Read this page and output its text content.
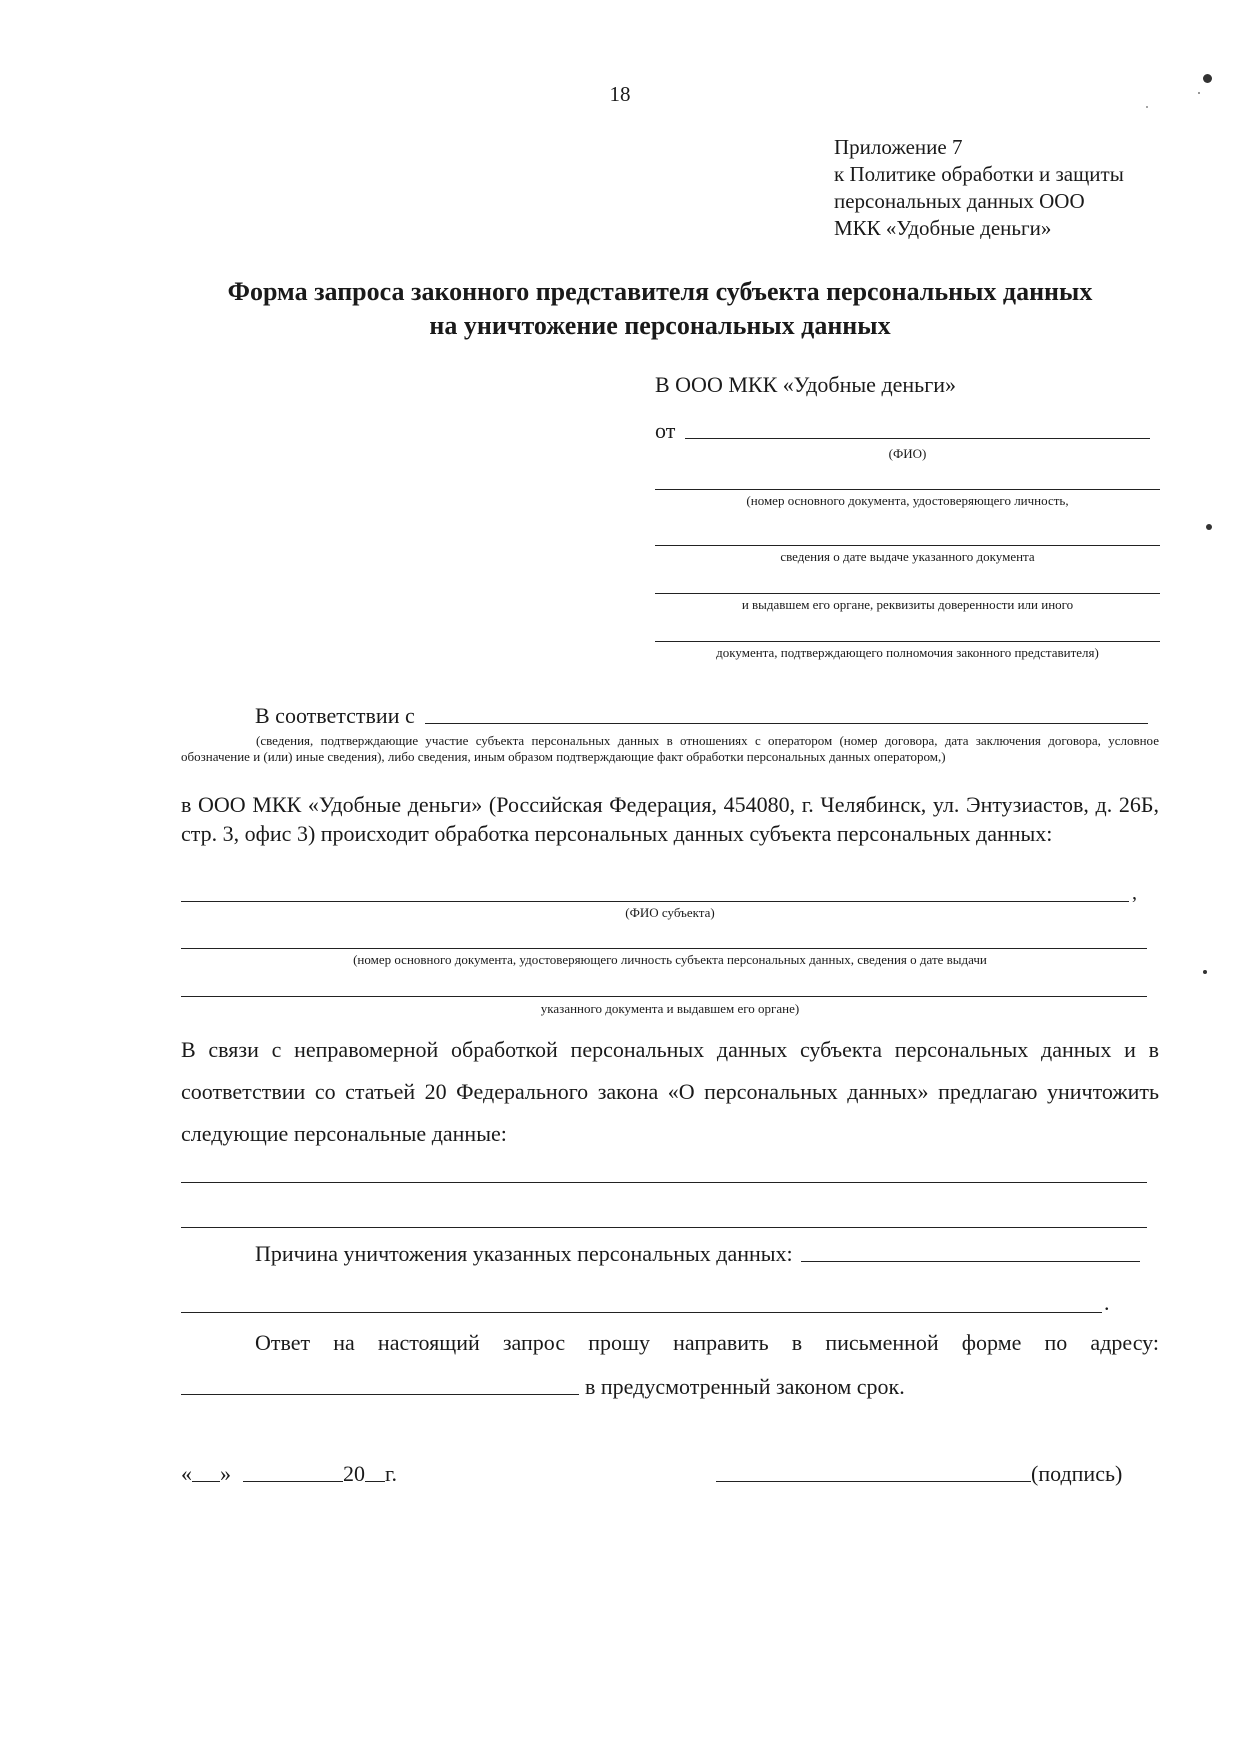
18
Приложение 7
к Политике обработки и защиты
персональных данных ООО
МКК «Удобные деньги»
Форма запроса законного представителя субъекта персональных данных
на уничтожение персональных данных
В ООО МКК «Удобные деньги»
от
(ФИО)
(номер основного документа, удостоверяющего личность,
сведения о дате выдаче указанного документа
и выдавшем его органе, реквизиты доверенности или иного
документа, подтверждающего полномочия законного представителя)
В соответствии с
(сведения, подтверждающие участие субъекта персональных данных в отношениях с оператором (номер договора, дата заключения договора, условное обозначение и (или) иные сведения), либо сведения, иным образом подтверждающие факт обработки персональных данных оператором,)
в ООО МКК «Удобные деньги» (Российская Федерация, 454080, г. Челябинск, ул. Энтузиастов, д. 26Б, стр. 3, офис 3) происходит обработка персональных данных субъекта персональных данных:
,
(ФИО субъекта)
(номер основного документа, удостоверяющего личность субъекта персональных данных, сведения о дате выдачи
указанного документа и выдавшем его органе)
В связи с неправомерной обработкой персональных данных субъекта персональных данных и в соответствии со статьей 20 Федерального закона «О персональных данных» предлагаю уничтожить следующие персональные данные:
Причина уничтожения указанных персональных данных:
.
Ответ на настоящий запрос прошу направить в письменной форме по адресу:
в предусмотренный законом срок.
« »	20 г.	(подпись)
